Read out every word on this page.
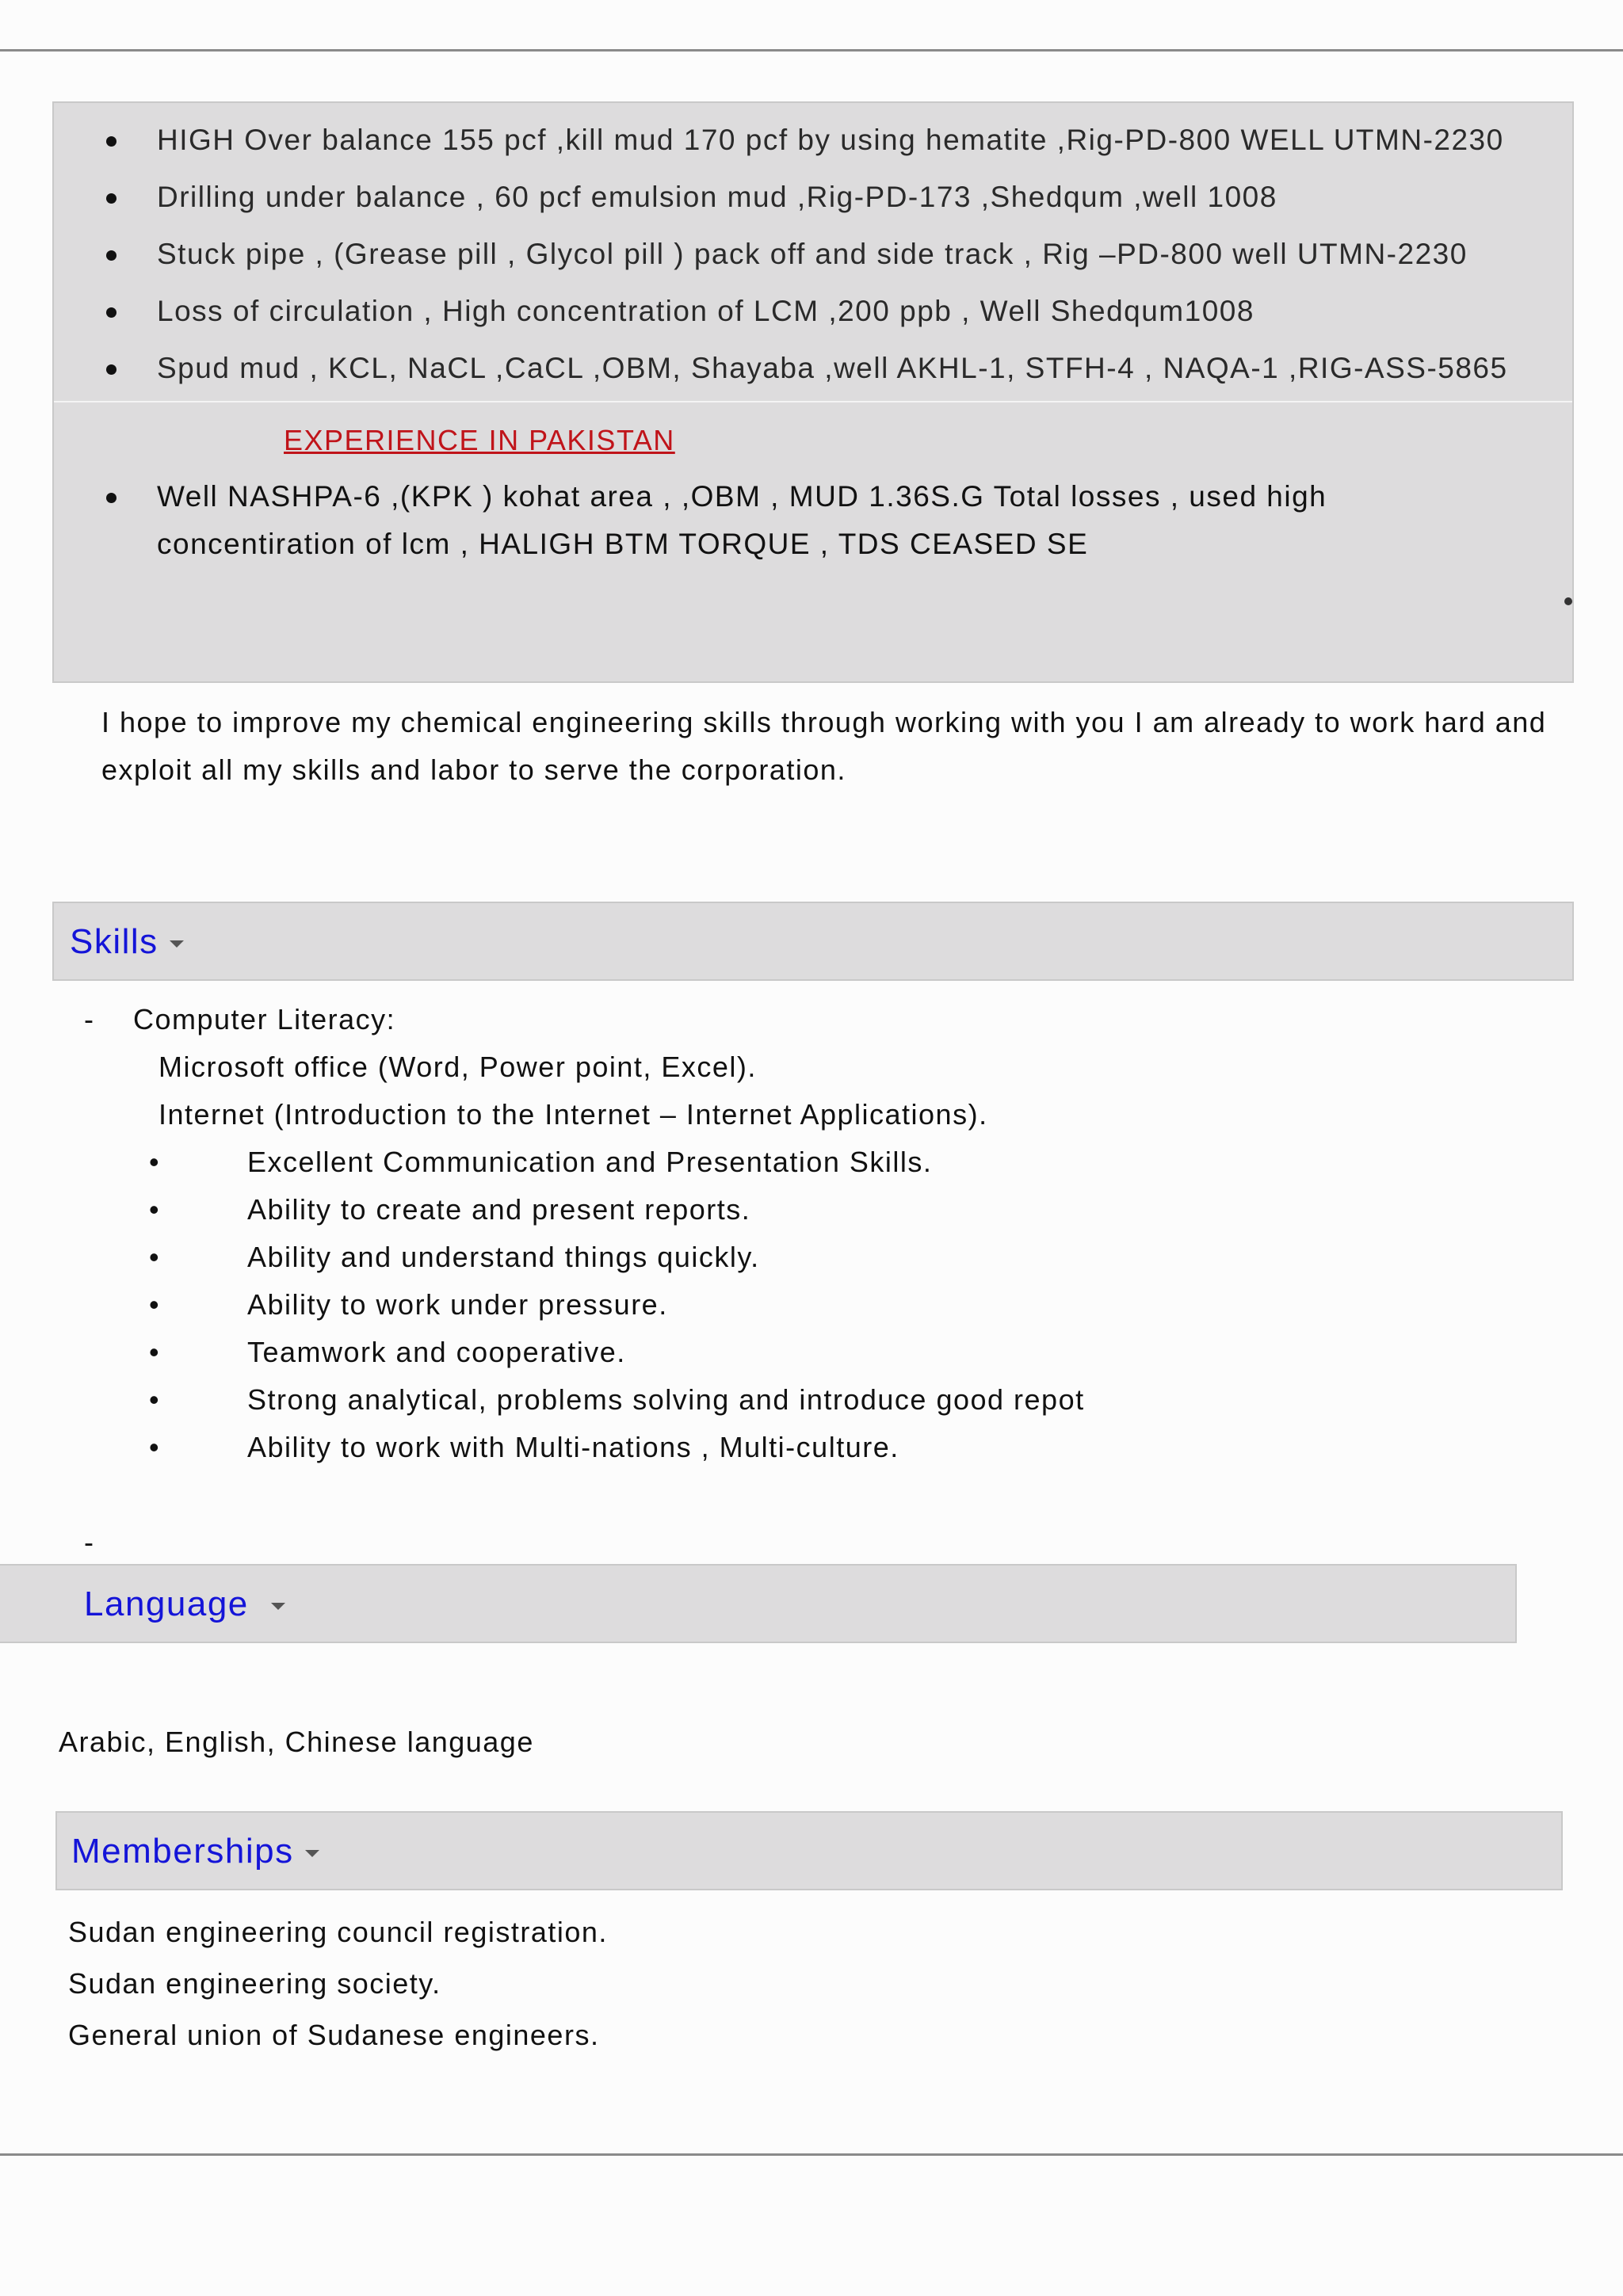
HIGH Over balance 155 pcf ,kill mud 170 pcf by using hematite ,Rig-PD-800 WELL UTMN-2230
Drilling under balance , 60 pcf emulsion mud ,Rig-PD-173 ,Shedqum ,well 1008
Stuck pipe , (Grease pill , Glycol pill ) pack off and side track , Rig –PD-800 well UTMN-2230
Loss of circulation , High concentration of LCM ,200 ppb , Well Shedqum1008
Spud mud , KCL, NaCL ,CaCL ,OBM, Shayaba ,well AKHL-1, STFH-4 , NAQA-1 ,RIG-ASS-5865
EXPERIENCE IN PAKISTAN
Well NASHPA-6 ,(KPK ) kohat area , ,OBM , MUD 1.36S.G Total losses , used high
concentiration of lcm , HALIGH BTM TORQUE , TDS CEASED SE
I hope to improve my chemical engineering skills through working with you I am already to work hard and
exploit all my skills and labor to serve the corporation.
Skills
- Computer Literacy:
Microsoft office (Word, Power point, Excel).
Internet (Introduction to the Internet – Internet Applications).
•	Excellent Communication and Presentation Skills.
•	Ability to create and present reports.
•	Ability and understand things quickly.
•	Ability to work under pressure.
•	Teamwork and cooperative.
•	Strong analytical, problems solving and introduce good repot
•	Ability to work with Multi-nations , Multi-culture.
-
Language
Arabic, English, Chinese language
Memberships
Sudan engineering council registration.
Sudan engineering society.
General union of Sudanese engineers.
